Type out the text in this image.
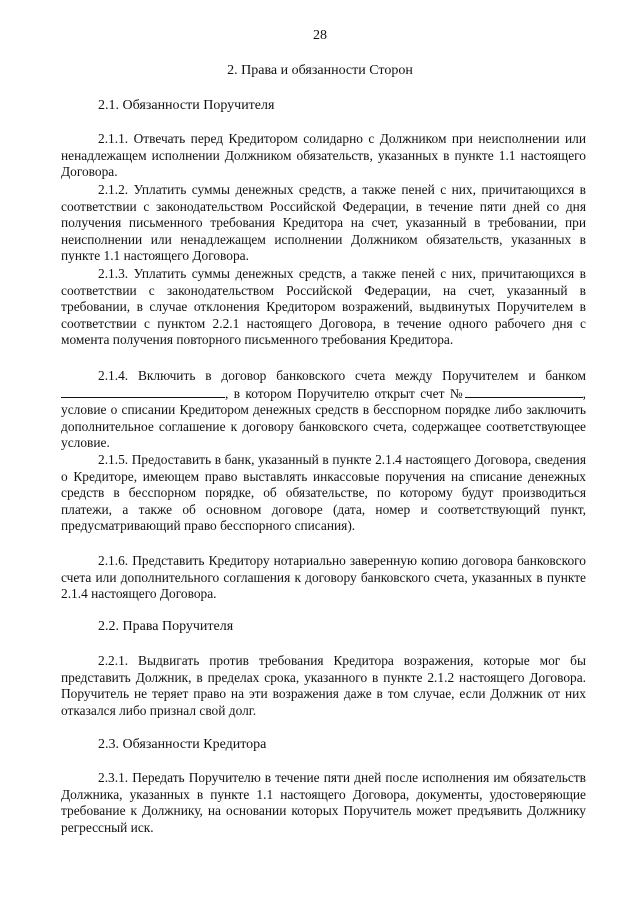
28
2. Права и обязанности Сторон
2.1. Обязанности Поручителя

2.1.1. Отвечать перед Кредитором солидарно с Должником при неисполнении или ненадлежащем исполнении Должником обязательств, указанных в пункте 1.1 настоящего Договора.

2.1.2. Уплатить суммы денежных средств, а также пеней с них, причитающихся в соответствии с законодательством Российской Федерации, в течение пяти дней со дня получения письменного требования Кредитора на счет, указанный в требовании, при неисполнении или ненадлежащем исполнении Должником обязательств, указанных в пункте 1.1 настоящего Договора.

2.1.3. Уплатить суммы денежных средств, а также пеней с них, причитающихся в соответствии с законодательством Российской Федерации, на счет, указанный в требовании, в случае отклонения Кредитором возражений, выдвинутых Поручителем в соответствии с пунктом 2.2.1 настоящего Договора, в течение одного рабочего дня с момента получения повторного письменного требования Кредитора.

2.1.4. Включить в договор банковского счета между Поручителем и банком , в котором Поручителю открыт счет №	, условие о списании Кредитором денежных средств в бесспорном порядке либо заключить дополнительное соглашение к договору банковского счета, содержащее соответствующее условие.

2.1.5. Предоставить в банк, указанный в пункте 2.1.4 настоящего Договора, сведения о Кредиторе, имеющем право выставлять инкассовые поручения на списание денежных средств в бесспорном порядке, об обязательстве, по которому будут производиться платежи, а также об основном договоре (дата, номер и соответствующий пункт, предусматривающий право бесспорного списания).

2.1.6. Представить Кредитору нотариально заверенную копию договора банковского счета или дополнительного соглашения к договору банковского счета, указанных в пункте 2.1.4 настоящего Договора.

2.2. Права Поручителя

2.2.1. Выдвигать против требования Кредитора возражения, которые мог бы представить Должник, в пределах срока, указанного в пункте 2.1.2 настоящего Договора. Поручитель не теряет право на эти возражения даже в том случае, если Должник от них отказался либо признал свой долг.

2.3. Обязанности Кредитора

2.3.1. Передать Поручителю в течение пяти дней после исполнения им обязательств Должника, указанных в пункте 1.1 настоящего Договора, документы, удостоверяющие требование к Должнику, на основании которых Поручитель может предъявить Должнику регрессный иск.
